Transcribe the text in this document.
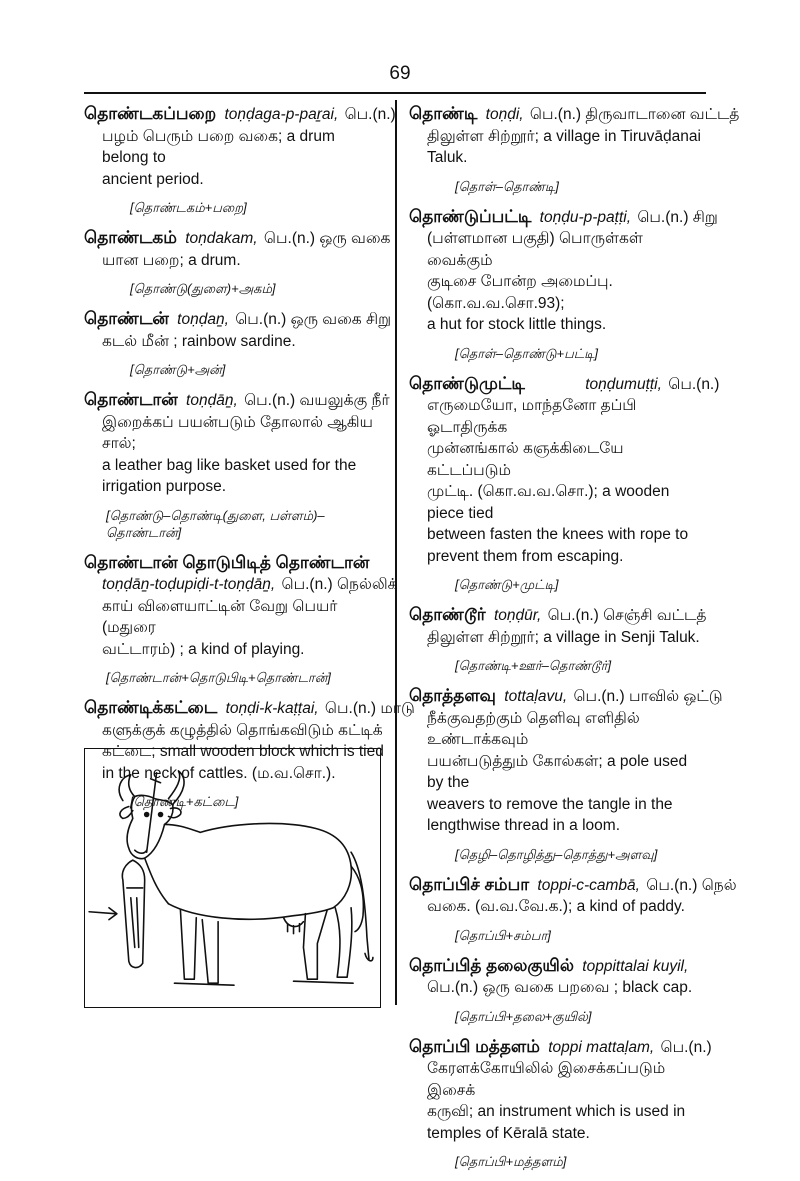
69
தொண்டகப்பறை toṇḍaga-p-paṟai, பெ.(n.)

பழம் பெரும் பறை வகை; a drum belong to

ancient period.

[தொண்டகம்+பறை]
தொண்டகம் toṇdakam, பெ.(n.) ஒரு வகை

யான பறை; a drum.

[தொண்டு(துளை)+அகம்]
தொண்டன் toṇḍaṉ, பெ.(n.) ஒரு வகை சிறு

கடல் மீன் ; rainbow sardine.

[தொண்டு+அன்]
தொண்டான் toṇḍāṉ, பெ.(n.) வயலுக்கு நீர்

இறைக்கப் பயன்படும் தோலால் ஆகிய சால்;

a leather bag like basket used for the

irrigation purpose.

[தொண்டு–தொண்டி(துளை, பள்ளம்)–
தொண்டான்]
தொண்டான் தொடுபிடித் தொண்டான்
toṇḍāṉ-toḍupiḍi-t-toṇḍāṉ, பெ.(n.) நெல்லிக்

காய் விளையாட்டின் வேறு பெயர் (மதுரை

வட்டாரம்) ; a kind of playing.

[தொண்டான்+தொடுபிடி+தொண்டான்]
தொண்டிக்கட்டை toṇḍi-k-kaṭṭai, பெ.(n.) மாடு

களுக்குக் கழுத்தில் தொங்கவிடும் கட்டிக்

கட்டை; small wooden block which is tied

in the neck of cattles. (ம.வ.சொ.).

[தொண்டி+கட்டை]
தொண்டி toṇḍi, பெ.(n.) திருவாடானை வட்டத்

திலுள்ள சிற்றூர்; a village in Tiruvāḍanai

Taluk.

[தொள்–தொண்டி]
தொண்டுப்பட்டி toṇḍu-p-paṭṭi, பெ.(n.) சிறு

(பள்ளமான பகுதி) பொருள்கள் வைக்கும்

குடிசை போன்ற அமைப்பு. (கொ.வ.வ.சொ.93);

a hut for stock little things.

[தொள்–தொண்டு+பட்டி]
தொண்டுமுட்டி	toṇḍumuṭṭi, பெ.(n.)

எருமையோ, மாந்தனோ தப்பி ஓடாதிருக்க

முன்னங்கால் கஞக்கிடையே கட்டப்படும்

முட்டி. (கொ.வ.வ.சொ.); a wooden piece tied

between fasten the knees with rope to

prevent them from escaping.

[தொண்டு+முட்டி]
தொண்டூர் toṇḍūr, பெ.(n.) செஞ்சி வட்டத்

திலுள்ள சிற்றூர்; a village in Senji Taluk.

[தொண்டி+ஊர்–தொண்டூர்]
தொத்தளவு tottaḷavu, பெ.(n.) பாவில் ஒட்டு

நீக்குவதற்கும் தெளிவு எளிதில் உண்டாக்கவும்

பயன்படுத்தும் கோல்கள்; a pole used by the

weavers to remove the tangle in the

lengthwise thread in a loom.

[தெழி–தொழித்து–தொத்து+அளவு]
தொப்பிச் சம்பா toppi-c-cambā, பெ.(n.) நெல்

வகை. (வ.வ.வே.க.); a kind of paddy.

[தொப்பி+சம்பா]
தொப்பித் தலைகுயில் toppittalai kuyil,

பெ.(n.) ஒரு வகை பறவை ; black cap.

[தொப்பி+தலை+குயில்]
தொப்பி மத்தளம் toppi mattaḷam, பெ.(n.)

கேரளக்கோயிலில் இசைக்கப்படும் இசைக்

கருவி; an instrument which is used in

temples of Kēralā state.

[தொப்பி+மத்தளம்]
